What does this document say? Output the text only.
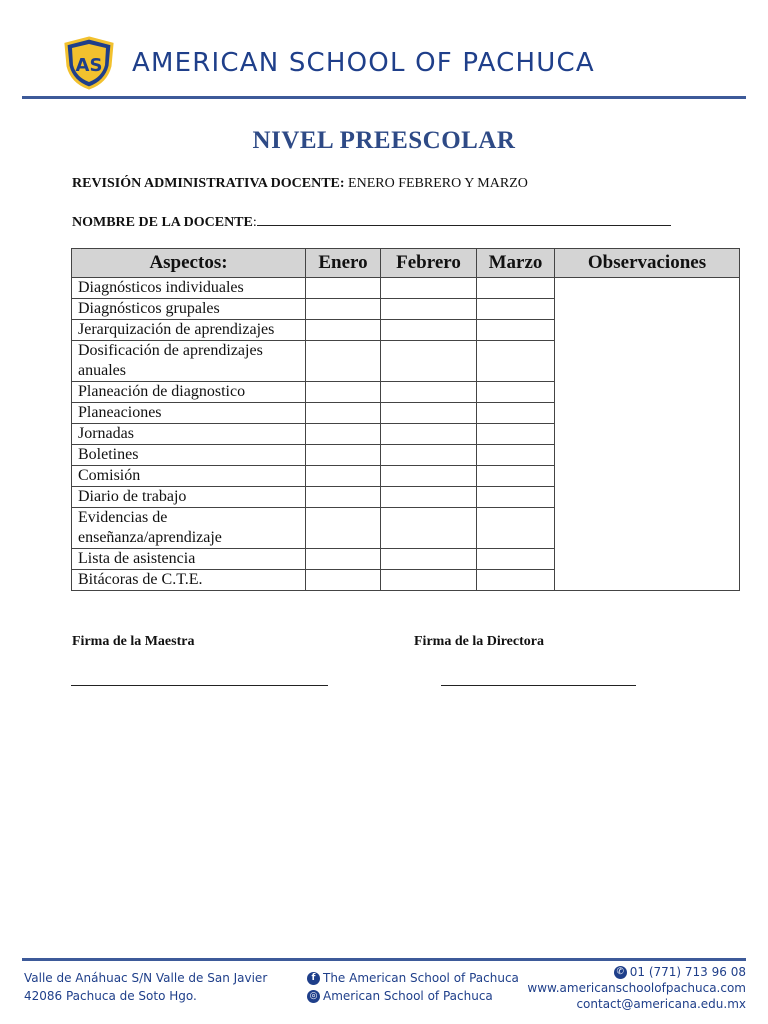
AS AMERICAN SCHOOL OF PACHUCA
NIVEL PREESCOLAR
REVISIÓN ADMINISTRATIVA DOCENTE: ENERO FEBRERO Y MARZO
NOMBRE DE LA DOCENTE:
Aspectos:	Enero	Febrero	Marzo	Observaciones
Diagnósticos individuales				
Diagnósticos grupales				
Jerarquización de aprendizajes				
Dosificación de aprendizajes anuales				
Planeación de diagnostico				
Planeaciones				
Jornadas				
Boletines				
Comisión				
Diario de trabajo				
Evidencias de enseñanza/aprendizaje				
Lista de asistencia				
Bitácoras de C.T.E.				
Firma de la Maestra	Firma de la Directora
Valle de Anáhuac S/N Valle de San Javier
42086 Pachuca de Soto Hgo.
f The American School of Pachuca
◎ American School of Pachuca
✆ 01 (771) 713 96 08
www.americanschoolofpachuca.com
contact@americana.edu.mx
